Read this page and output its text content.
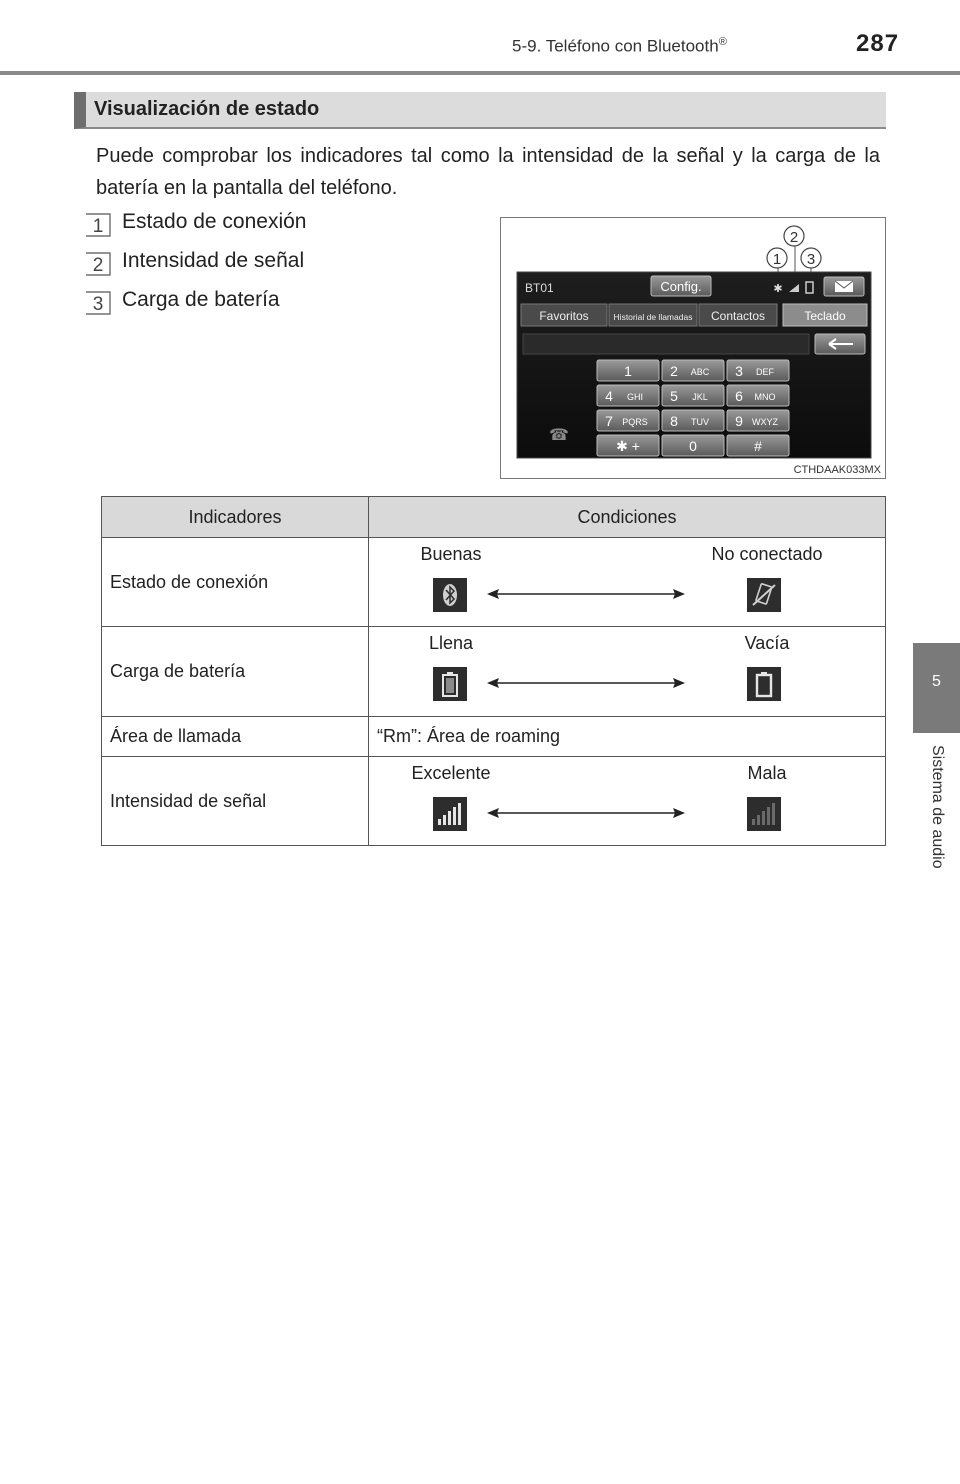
5-9. Teléfono con Bluetooth®	287
5
Sistema de audio
Visualización de estado
Puede comprobar los indicadores tal como la intensidad de la señal y la carga de la batería en la pantalla del teléfono.
1 Estado de conexión
2 Intensidad de señal
3 Carga de batería
1
2
3
BT01	Config.	✱
Favoritos	Historial de llamadas Contactos	Teclado
☎
1	2 ABC 3 DEF
4 GHI 5 JKL 6 MNO
7 PQRS 8 TUV 9 WXYZ
✱ +	0	#
CTHDAAK033MX
Indicadores	Condiciones
Estado de conexión	Buenas No conectado

Carga de batería	Llena Vacía

Área de llamada	“Rm”: Área de roaming
Intensidad de señal	Excelente Mala
